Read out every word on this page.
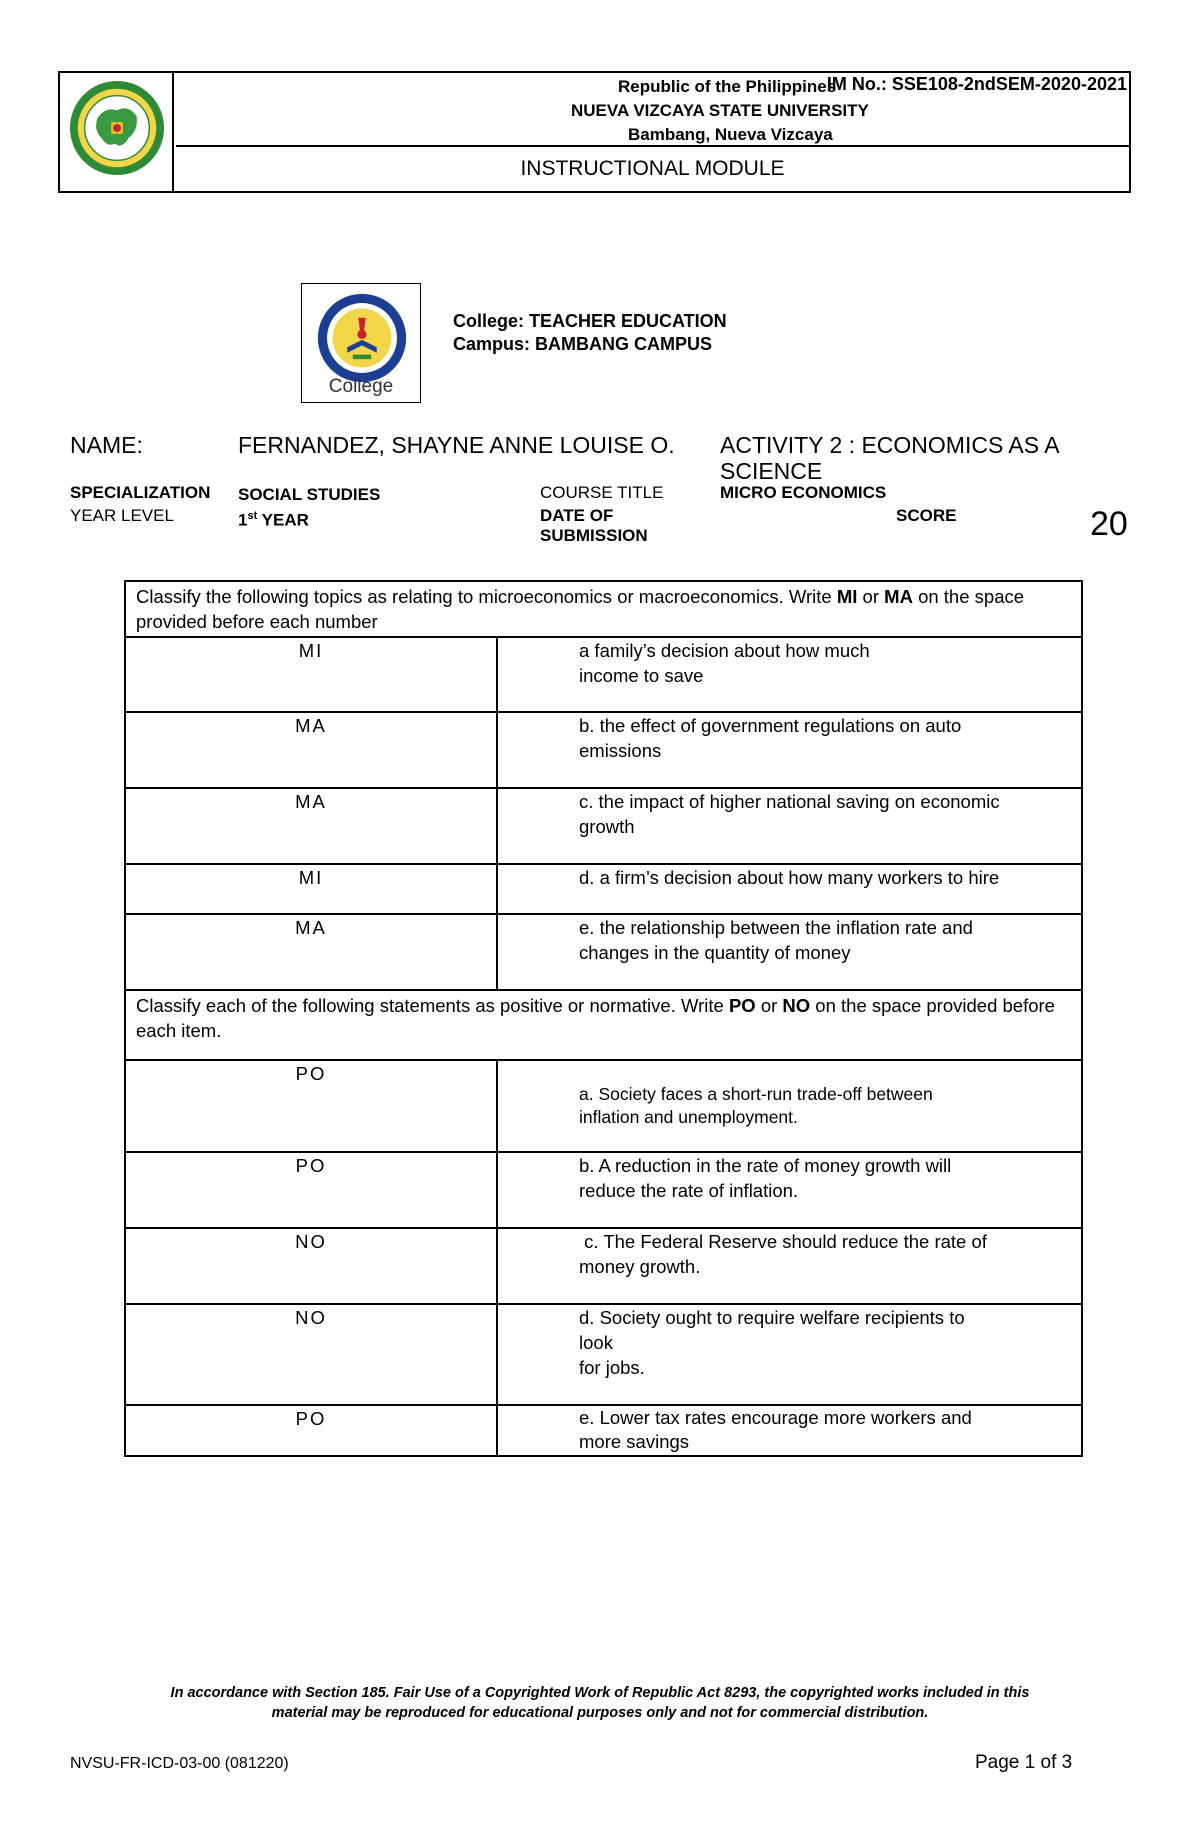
Republic of the Philippines
IM No.: SSE108-2ndSEM-2020-2021
NUEVA VIZCAYA STATE UNIVERSITY
Bambang, Nueva Vizcaya
INSTRUCTIONAL MODULE
College
College: TEACHER EDUCATION
Campus: BAMBANG CAMPUS
NAME:	FERNANDEZ, SHAYNE ANNE LOUISE O. ACTIVITY 2 : ECONOMICS AS A
SCIENCE
SPECIALIZATION SOCIAL STUDIES	COURSE TITLE	MICRO ECONOMICS
YEAR LEVEL	1st YEAR	DATE OF
SUBMISSION
SCORE	20
Classify the following topics as relating to microeconomics or macroeconomics. Write MI or MA on the space provided before each number	
MI	a family’s decision about how much
income to save

MA	b. the effect of government regulations on auto
emissions

MA	c. the impact of higher national saving on economic
growth

MI	d. a firm’s decision about how many workers to hire

MA	e. the relationship between the inflation rate and
changes in the quantity of money

Classify each of the following statements as positive or normative. Write PO or NO on the space provided before each item.	
PO	a. Society faces a short-run trade-off between
inflation and unemployment.

PO	b. A reduction in the rate of money growth will
reduce the rate of inflation.

NO	c. The Federal Reserve should reduce the rate of
money growth.

NO	d. Society ought to require welfare recipients to
look
for jobs.

PO	e. Lower tax rates encourage more workers and
more savings
In accordance with Section 185. Fair Use of a Copyrighted Work of Republic Act 8293, the copyrighted works included in this
material may be reproduced for educational purposes only and not for commercial distribution.
NVSU-FR-ICD-03-00 (081220)	Page 1 of 3
